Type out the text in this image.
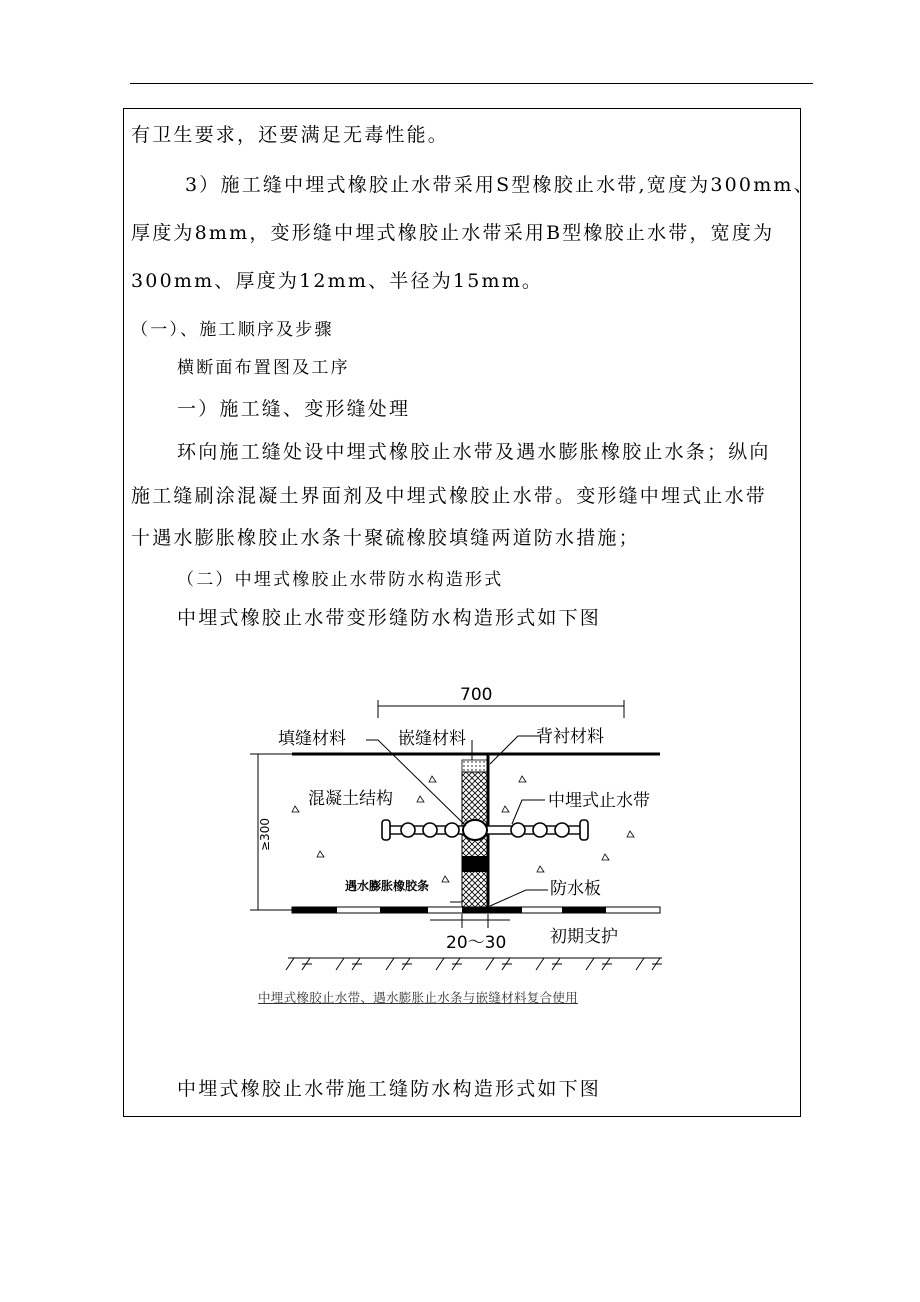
有卫生要求，还要满足无毒性能。
3）施工缝中埋式橡胶止水带采用S型橡胶止水带,宽度为300mm、
厚度为8mm，变形缝中埋式橡胶止水带采用B型橡胶止水带，宽度为
300mm、厚度为12mm、半径为15mm。
（一）、施工顺序及步骤
横断面布置图及工序
一）施工缝、变形缝处理
环向施工缝处设中埋式橡胶止水带及遇水膨胀橡胶止水条；纵向
施工缝刷涂混凝土界面剂及中埋式橡胶止水带。变形缝中埋式止水带
十遇水膨胀橡胶止水条十聚硫橡胶填缝两道防水措施；
（二）中埋式橡胶止水带防水构造形式
中埋式橡胶止水带变形缝防水构造形式如下图
700
≥300
20～30
填缝材料	嵌缝材料	背衬材料
混凝土结构	中埋式止水带
遇水膨胀橡胶条	防水板
初期支护
中埋式橡胶止水带、遇水膨胀止水条与嵌缝材料复合使用
中埋式橡胶止水带施工缝防水构造形式如下图
